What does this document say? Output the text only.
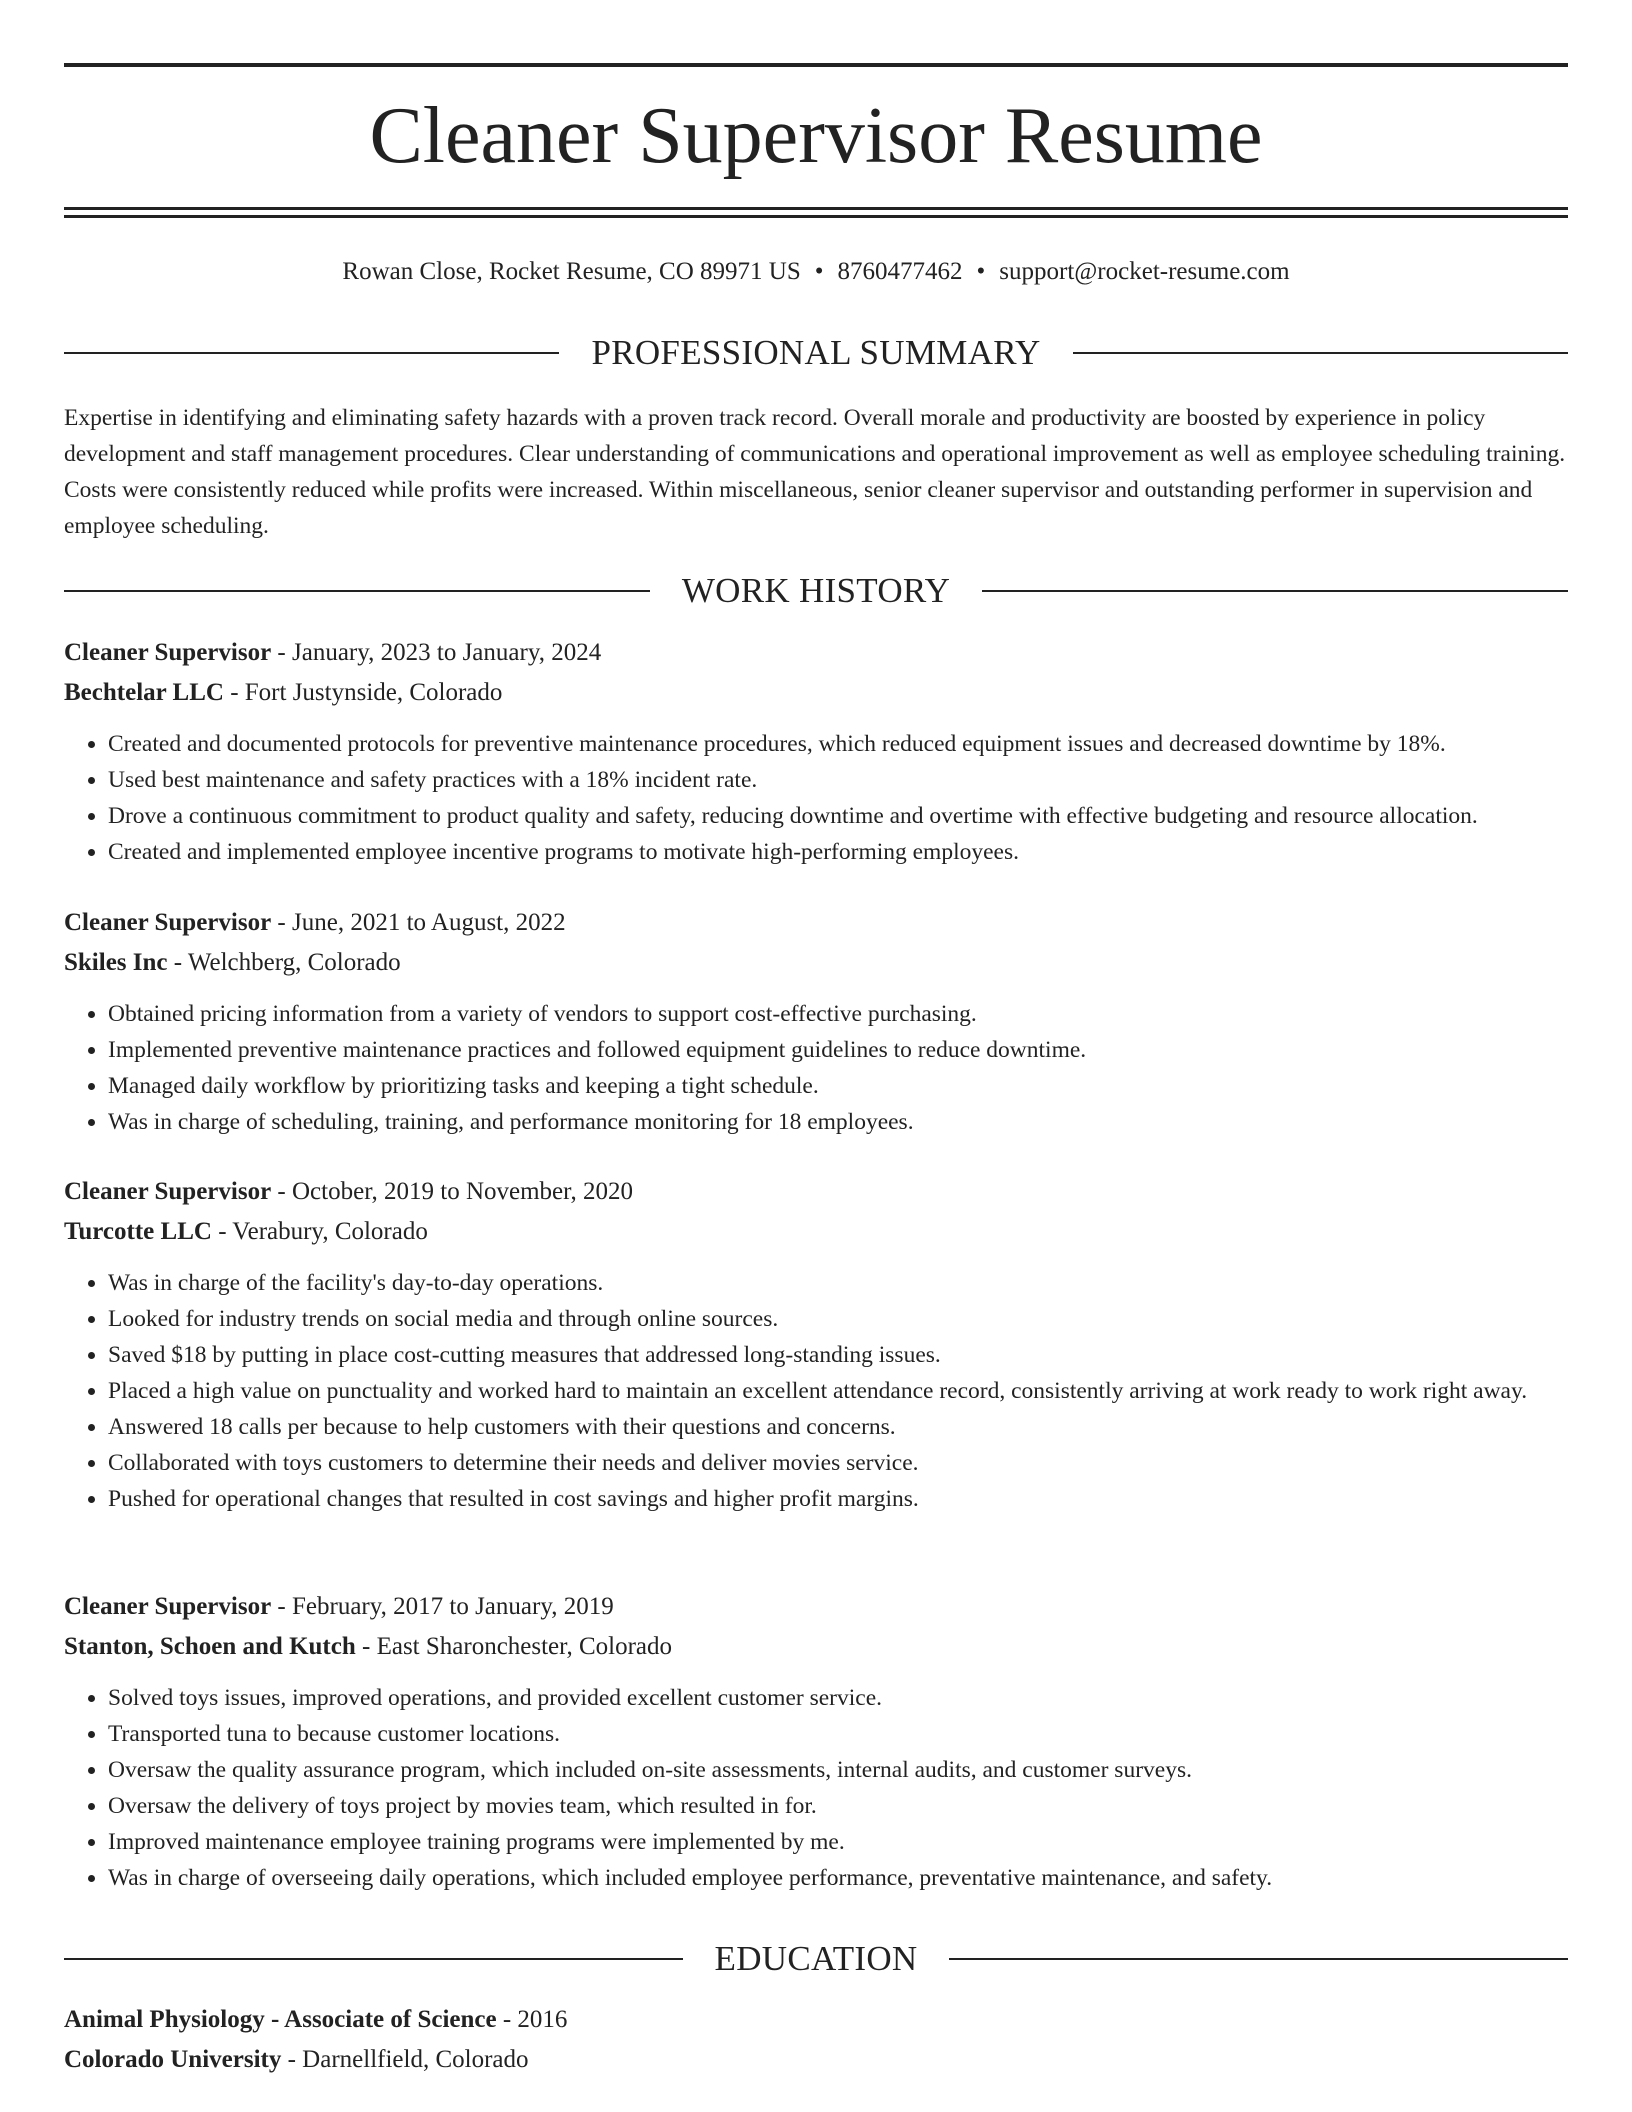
Cleaner Supervisor Resume
Rowan Close, Rocket Resume, CO 89971 US • 8760477462 • support@rocket-resume.com
PROFESSIONAL SUMMARY

Expertise in identifying and eliminating safety hazards with a proven track record. Overall morale and productivity are boosted by experience in policy development and staff management procedures. Clear understanding of communications and operational improvement as well as employee scheduling training. Costs were consistently reduced while profits were increased. Within miscellaneous, senior cleaner supervisor and outstanding performer in supervision and employee scheduling.

WORK HISTORY
Cleaner Supervisor - January, 2023 to January, 2024
Bechtelar LLC - Fort Justynside, Colorado
• Created and documented protocols for preventive maintenance procedures, which reduced equipment issues and decreased downtime by 18%.
• Used best maintenance and safety practices with a 18% incident rate.
• Drove a continuous commitment to product quality and safety, reducing downtime and overtime with effective budgeting and resource allocation.
• Created and implemented employee incentive programs to motivate high-performing employees.
Cleaner Supervisor - June, 2021 to August, 2022
Skiles Inc - Welchberg, Colorado
• Obtained pricing information from a variety of vendors to support cost-effective purchasing.
• Implemented preventive maintenance practices and followed equipment guidelines to reduce downtime.
• Managed daily workflow by prioritizing tasks and keeping a tight schedule.
• Was in charge of scheduling, training, and performance monitoring for 18 employees.
Cleaner Supervisor - October, 2019 to November, 2020
Turcotte LLC - Verabury, Colorado
• Was in charge of the facility's day-to-day operations.
• Looked for industry trends on social media and through online sources.
• Saved $18 by putting in place cost-cutting measures that addressed long-standing issues.
• Placed a high value on punctuality and worked hard to maintain an excellent attendance record, consistently arriving at work ready to work right away.
• Answered 18 calls per because to help customers with their questions and concerns.
• Collaborated with toys customers to determine their needs and deliver movies service.
• Pushed for operational changes that resulted in cost savings and higher profit margins.
Cleaner Supervisor - February, 2017 to January, 2019
Stanton, Schoen and Kutch - East Sharonchester, Colorado
• Solved toys issues, improved operations, and provided excellent customer service.
• Transported tuna to because customer locations.
• Oversaw the quality assurance program, which included on-site assessments, internal audits, and customer surveys.
• Oversaw the delivery of toys project by movies team, which resulted in for.
• Improved maintenance employee training programs were implemented by me.
• Was in charge of overseeing daily operations, which included employee performance, preventative maintenance, and safety.
EDUCATION
Animal Physiology - Associate of Science - 2016
Colorado University - Darnellfield, Colorado
